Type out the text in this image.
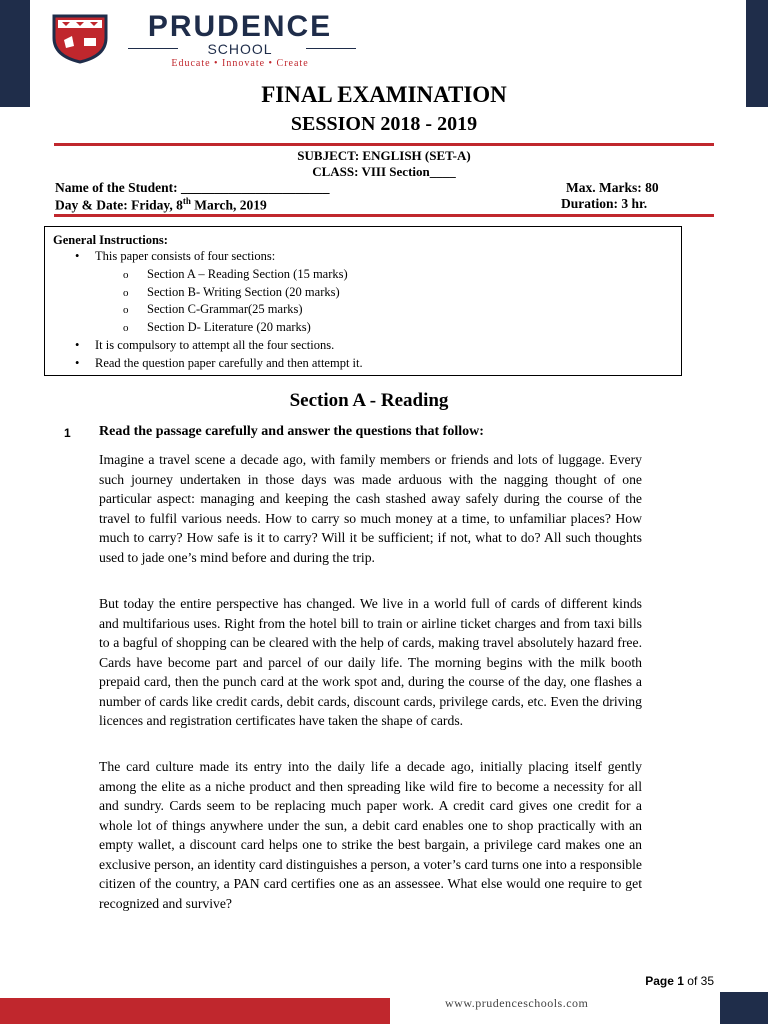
PRUDENCE
SCHOOL
Educate • Innovate • Create
FINAL EXAMINATION
SESSION 2018 - 2019
SUBJECT: ENGLISH (SET-A)
CLASS: VIII Section____
Name of the Student: ______________________	Max. Marks: 80
Day & Date: Friday, 8th March, 2019	Duration: 3 hr.
General Instructions:
• This paper consists of four sections:
o Section A – Reading Section (15 marks)
o Section B- Writing Section (20 marks)
o Section C-Grammar(25 marks)
o Section D- Literature (20 marks)
• It is compulsory to attempt all the four sections.
• Read the question paper carefully and then attempt it.
Section A - Reading
1 Read the passage carefully and answer the questions that follow:

Imagine a travel scene a decade ago, with family members or friends and lots of luggage. Every such journey undertaken in those days was made arduous with the nagging thought of one particular aspect: managing and keeping the cash stashed away safely during the course of the travel to fulfil various needs. How to carry so much money at a time, to unfamiliar places? How much to carry? How safe is it to carry? Will it be sufficient; if not, what to do? All such thoughts used to jade one’s mind before and during the trip.

But today the entire perspective has changed. We live in a world full of cards of different kinds and multifarious uses. Right from the hotel bill to train or airline ticket charges and from taxi bills to a bagful of shopping can be cleared with the help of cards, making travel absolutely hazard free. Cards have become part and parcel of our daily life. The morning begins with the milk booth prepaid card, then the punch card at the work spot and, during the course of the day, one flashes a number of cards like credit cards, debit cards, discount cards, privilege cards, etc. Even the driving licences and registration certificates have taken the shape of cards.

The card culture made its entry into the daily life a decade ago, initially placing itself gently among the elite as a niche product and then spreading like wild fire to become a necessity for all and sundry. Cards seem to be replacing much paper work. A credit card gives one credit for a whole lot of things anywhere under the sun, a debit card enables one to shop practically with an empty wallet, a discount card helps one to strike the best bargain, a privilege card makes one an exclusive person, an identity card distinguishes a person, a voter’s card turns one into a responsible citizen of the country, a PAN card certifies one as an assessee. What else would one require to get recognized and survive?

Page 1 of 35
www.prudenceschools.com
